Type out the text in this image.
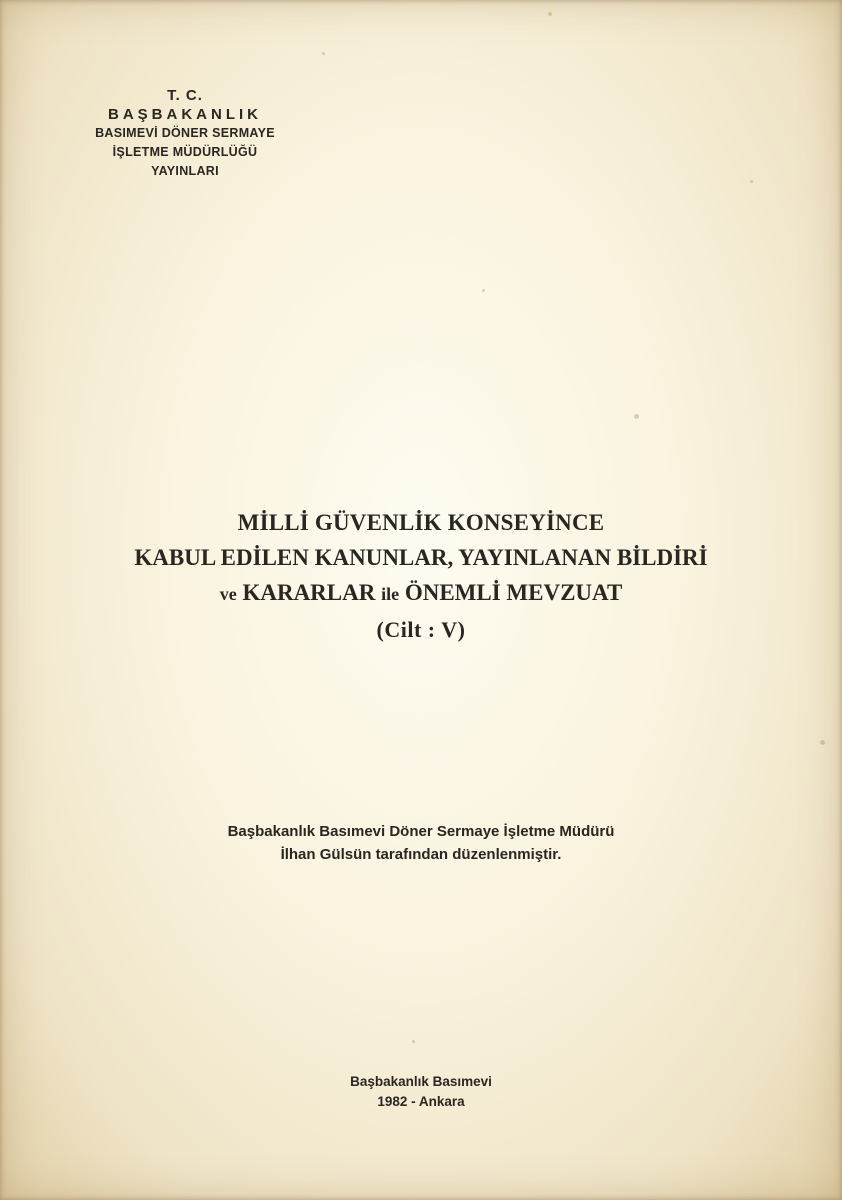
T. C.
BAŞBAKANLIK
BASIMEVİ DÖNER SERMAYE
İŞLETME MÜDÜRLÜĞÜ
YAYINLARI
MİLLİ GÜVENLİK KONSEYİNCE
KABUL EDİLEN KANUNLAR, YAYINLANAN BİLDİRİ
ve KARARLAR ile ÖNEMLİ MEVZUAT
(Cilt : V)
Başbakanlık Basımevi Döner Sermaye İşletme Müdürü
İlhan Gülsün tarafından düzenlenmiştir.
Başbakanlık Basımevi
1982 - Ankara
